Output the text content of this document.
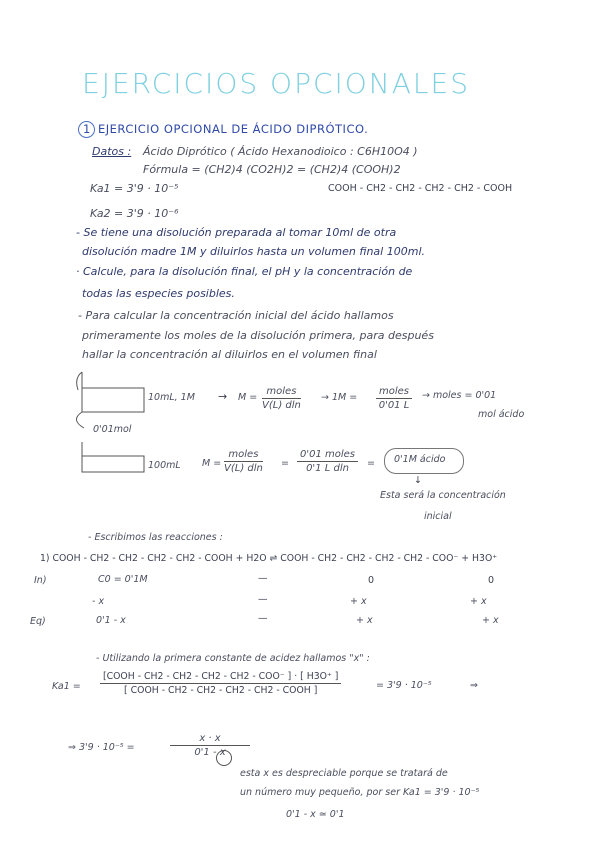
EJERCICIOS OPCIONALES
1 EJERCICIO OPCIONAL DE ÁCIDO DIPRÓTICO.
Datos : Ácido Diprótico ( Ácido Hexanodioico : C6H10O4 )
Fórmula = (CH2)4 (CO2H)2 = (CH2)4 (COOH)2
Ka1 = 3'9 · 10⁻⁵	COOH - CH2 - CH2 - CH2 - CH2 - COOH
Ka2 = 3'9 · 10⁻⁶
- Se tiene una disolución preparada al tomar 10ml de otra
disolución madre 1M y diluirlos hasta un volumen final 100ml.
· Calcule, para la disolución final, el pH y la concentración de
todas las especies posibles.
- Para calcular la concentración inicial del ácido hallamos
primeramente los moles de la disolución primera, para después
hallar la concentración al diluirlos en el volumen final
10mL, 1M → M =
moles
V(L) dln
→ 1M =
moles
0'01 L
→ moles = 0'01
mol ácido
0'01mol
100mL M =
moles
V(L) dln =
0'01 moles
0'1 L dln	= 0'1M ácido
↓
Esta será la concentración
inicial
- Escribimos las reacciones :
1) COOH - CH2 - CH2 - CH2 - CH2 - COOH + H2O ⇌ COOH - CH2 - CH2 - CH2 - CH2 - COO⁻ + H3O⁺
In)	C0 = 0'1M	—	0	0
- x	—	+ x	+ x
Eq)	0'1 - x	—	+ x	+ x
- Utilizando la primera constante de acidez hallamos "x" :
Ka1 =
[COOH - CH2 - CH2 - CH2 - CH2 - COO⁻ ] · [ H3O⁺ ]
[ COOH - CH2 - CH2 - CH2 - CH2 - COOH ]	= 3'9 · 10⁻⁵	⇒
⇒ 3'9 · 10⁻⁵ =	$\frac{x \cdot x}{0'1 - x}$
esta x es despreciable porque se tratará de
un número muy pequeño, por ser Ka1 = 3'9 · 10⁻⁵
0'1 - x ≃ 0'1
